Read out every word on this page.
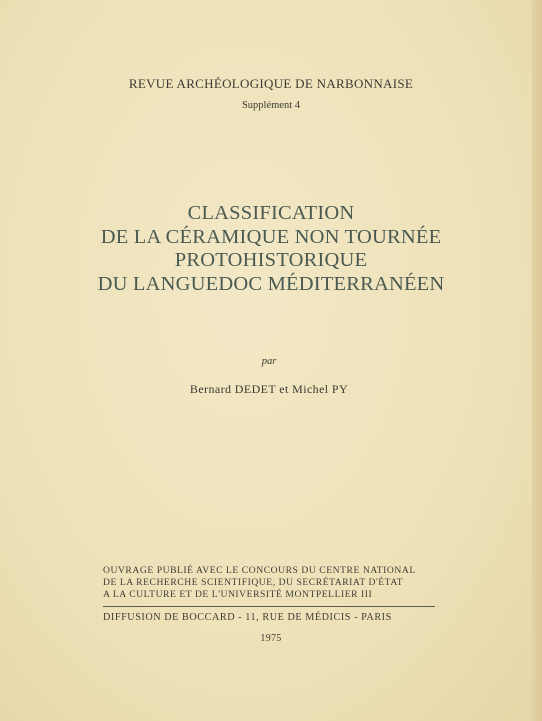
REVUE ARCHÉOLOGIQUE DE NARBONNAISE
Supplément 4
CLASSIFICATION
DE LA CÉRAMIQUE NON TOURNÉE
PROTOHISTORIQUE
DU LANGUEDOC MÉDITERRANÉEN
par
Bernard DEDET et Michel PY
OUVRAGE PUBLIÉ AVEC LE CONCOURS DU CENTRE NATIONAL
DE LA RECHERCHE SCIENTIFIQUE, DU SECRÉTARIAT D'ÉTAT
A LA CULTURE ET DE L'UNIVERSITÉ MONTPELLIER III
DIFFUSION DE BOCCARD - 11, RUE DE MÉDICIS - PARIS
1975
